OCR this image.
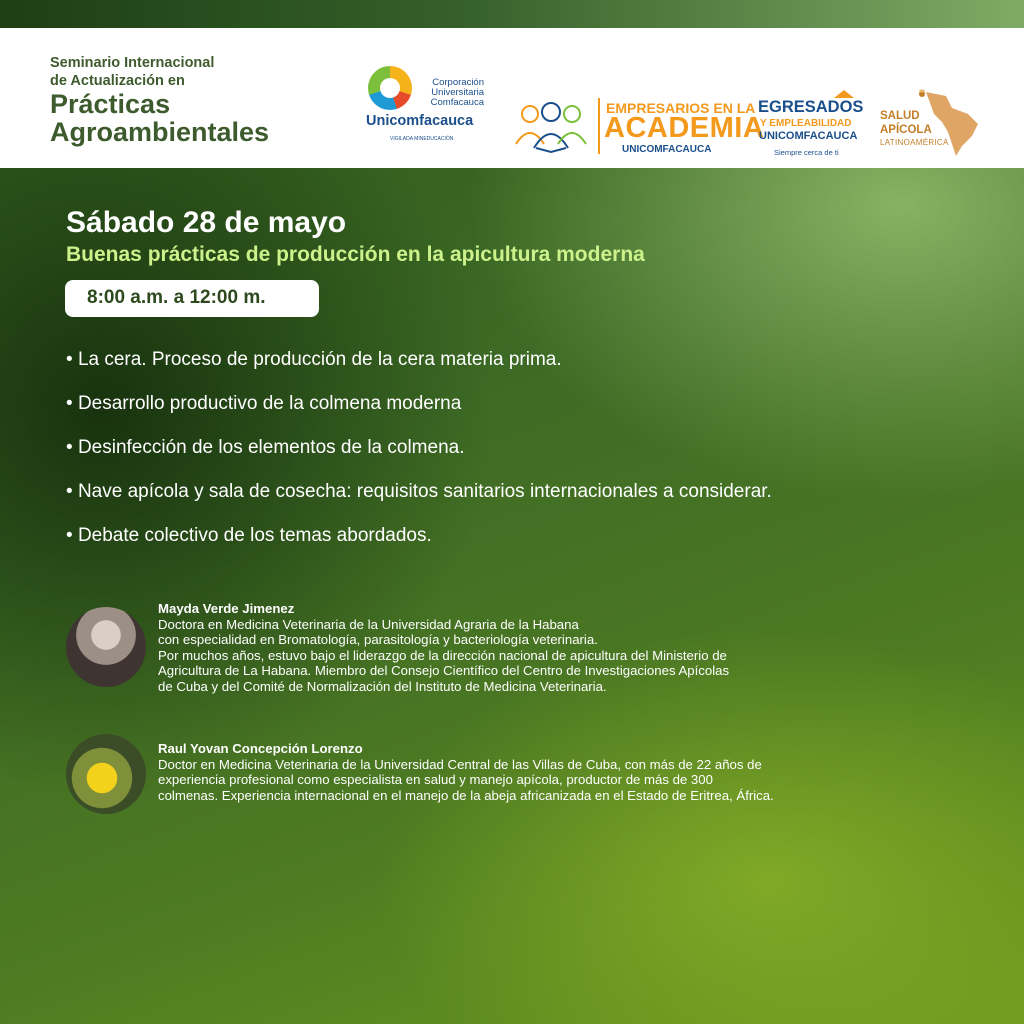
Seminario Internacional
de Actualización en
Prácticas
Agroambientales
Corporación
Universitaria
Comfacauca
Unicomfacauca
VIGILADA MINEDUCACIÓN
EMPRESARIOS EN LA
ACADEMIA
UNICOMFACAUCA
EGRESADOS
Y EMPLEABILIDAD
UNICOMFACAUCA
Siempre cerca de ti
SALUD
APÍCOLA
LATINOAMÉRICA
Sábado 28 de mayo
Buenas prácticas de producción en la apicultura moderna
8:00 a.m. a 12:00 m.
• La cera. Proceso de producción de la cera materia prima.
• Desarrollo productivo de la colmena moderna
• Desinfección de los elementos de la colmena.
• Nave apícola y sala de cosecha: requisitos sanitarios internacionales a considerar.
• Debate colectivo de los temas abordados.
Mayda Verde Jimenez
Doctora en Medicina Veterinaria de la Universidad Agraria de la Habana
con especialidad en Bromatología, parasitología y bacteriología veterinaria.
Por muchos años, estuvo bajo el liderazgo de la dirección nacional de apicultura del Ministerio de
Agricultura de La Habana. Miembro del Consejo Científico del Centro de Investigaciones Apícolas
de Cuba y del Comité de Normalización del Instituto de Medicina Veterinaria.
Raul Yovan Concepción Lorenzo
Doctor en Medicina Veterinaria de la Universidad Central de las Villas de Cuba, con más de 22 años de
experiencia profesional como especialista en salud y manejo apícola, productor de más de 300
colmenas. Experiencia internacional en el manejo de la abeja africanizada en el Estado de Eritrea, África.
